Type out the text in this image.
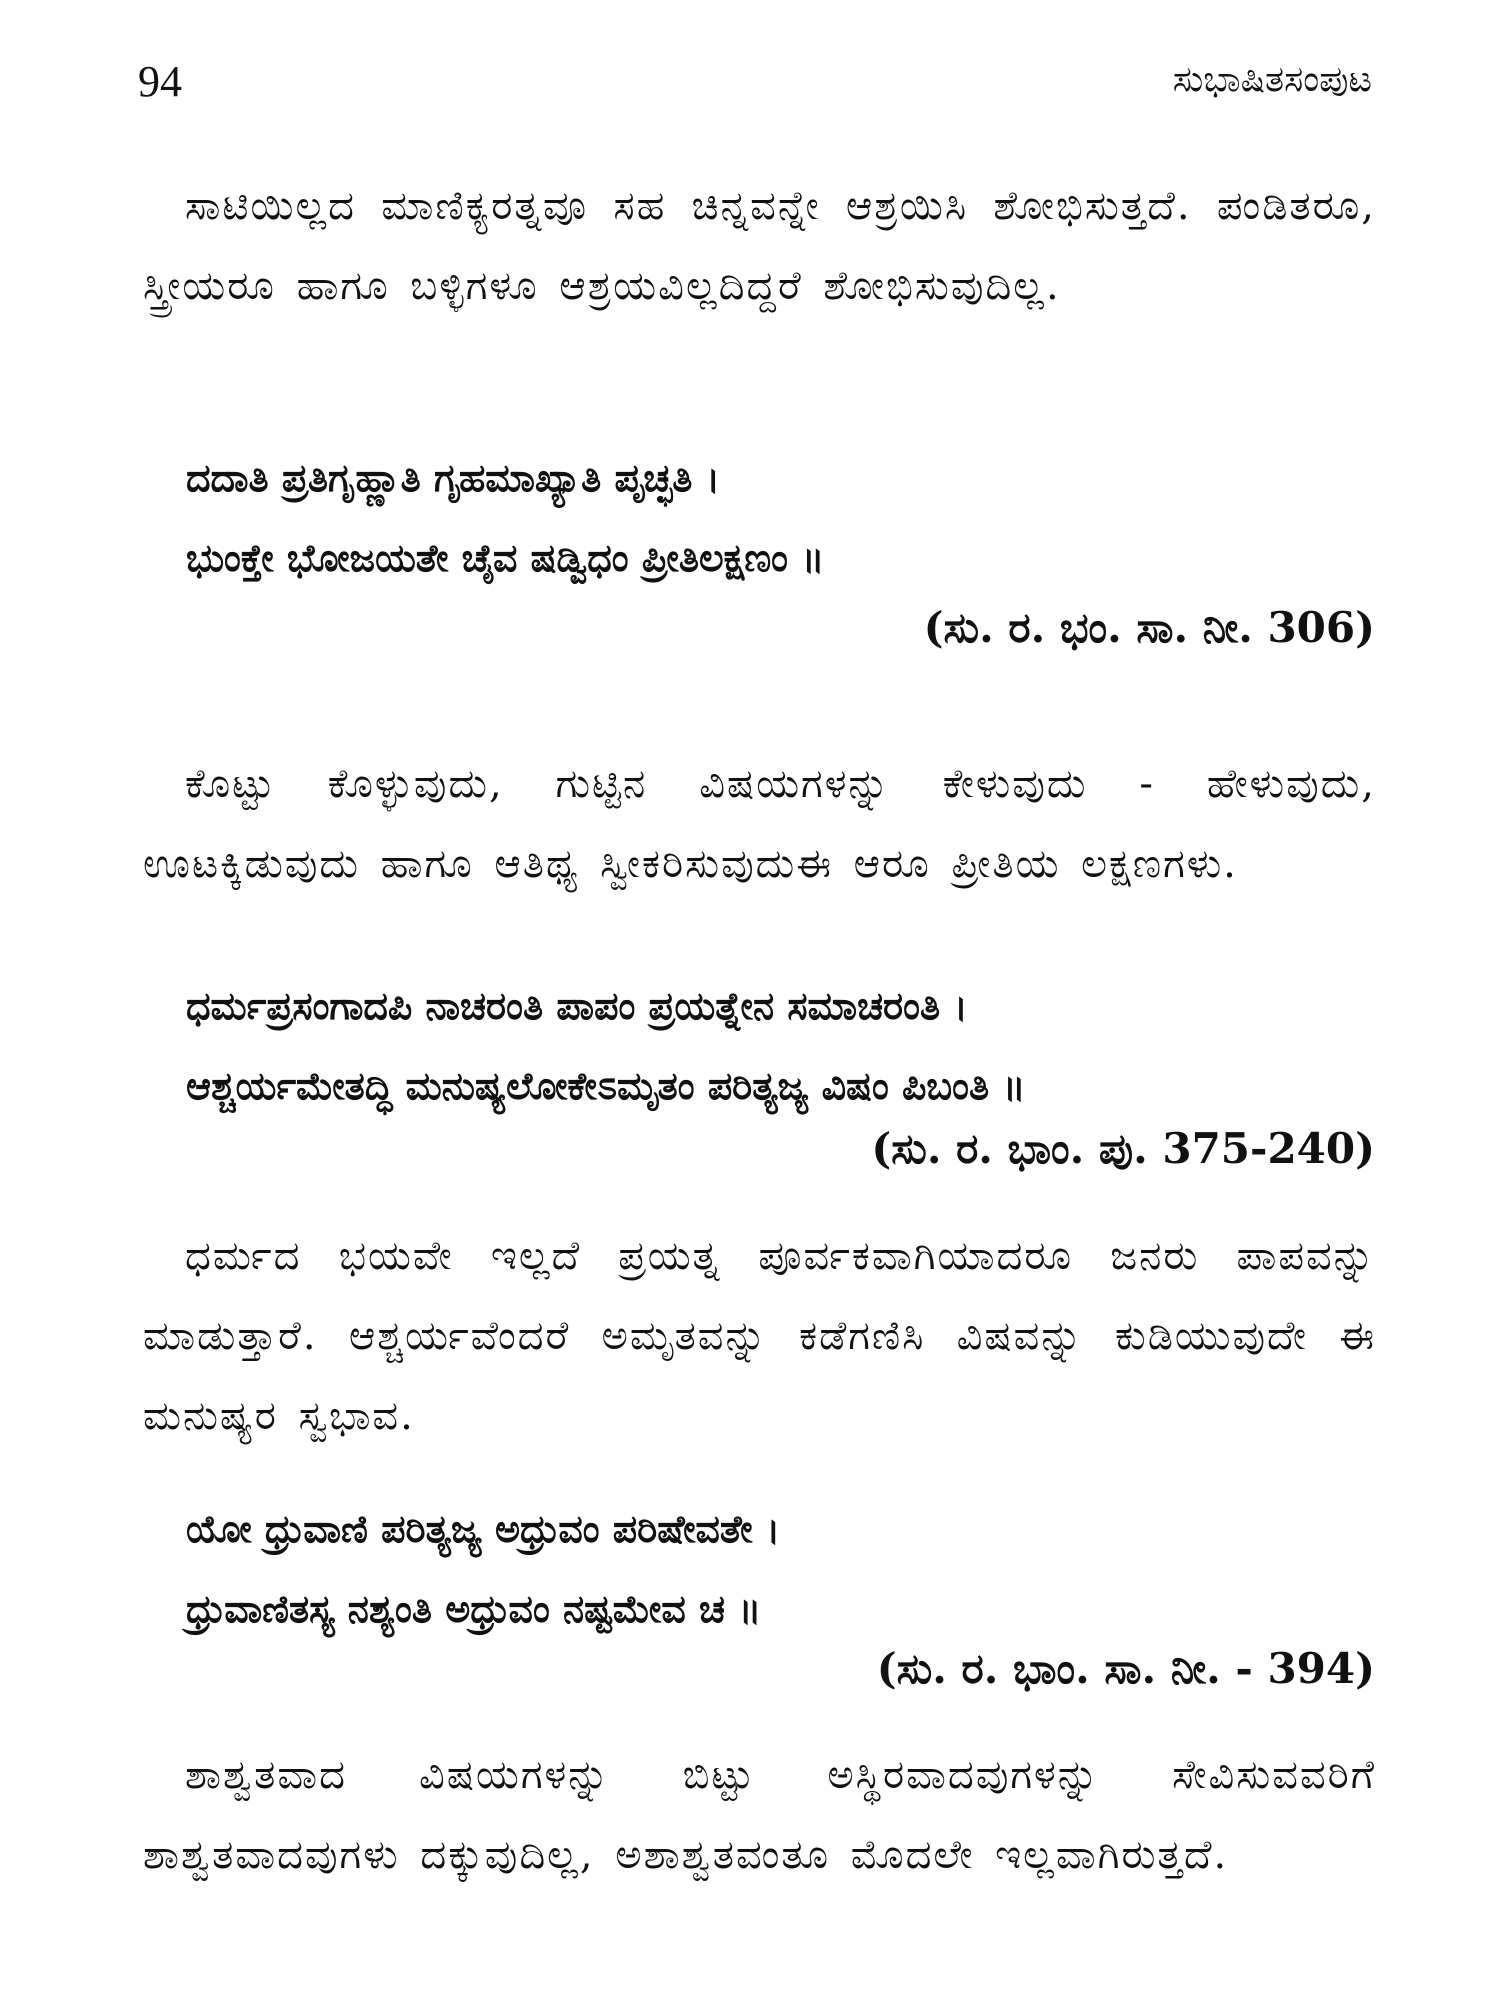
94	ಸುಭಾಷಿತಸಂಪುಟ

ಸಾಟಿಯಿಲ್ಲದ ಮಾಣಿಕ್ಯರತ್ನವೂ ಸಹ ಚಿನ್ನವನ್ನೇ ಆಶ್ರಯಿಸಿ ಶೋಭಿಸುತ್ತದೆ. ಪಂಡಿತರೂ, ಸ್ತ್ರೀಯರೂ ಹಾಗೂ ಬಳ್ಳಿಗಳೂ ಆಶ್ರಯವಿಲ್ಲದಿದ್ದರೆ ಶೋಭಿಸುವುದಿಲ್ಲ.

ದದಾತಿ ಪ್ರತಿಗೃಹ್ಣಾತಿ ಗೃಹಮಾಖ್ಯಾತಿ ಪೃಚ್ಛತಿ ।
ಭುಂಕ್ತೇ ಭೋಜಯತೇ ಚೈವ ಷಡ್ವಿಧಂ ಪ್ರೀತಿಲಕ್ಷಣಂ ॥

(ಸು. ರ. ಭಂ. ಸಾ. ನೀ. 306)

ಕೊಟ್ಟು ಕೊಳ್ಳುವುದು, ಗುಟ್ಟಿನ ವಿಷಯಗಳನ್ನು ಕೇಳುವುದು - ಹೇಳುವುದು, ಊಟಕ್ಕಿಡುವುದು ಹಾಗೂ ಆತಿಥ್ಯ ಸ್ವೀಕರಿಸುವುದುಈ ಆರೂ ಪ್ರೀತಿಯ ಲಕ್ಷಣಗಳು.

ಧರ್ಮಪ್ರಸಂಗಾದಪಿ ನಾಚರಂತಿ ಪಾಪಂ ಪ್ರಯತ್ನೇನ ಸಮಾಚರಂತಿ ।
ಆಶ್ಚರ್ಯಮೇತದ್ಧಿ ಮನುಷ್ಯಲೋಕೇಽಮೃತಂ ಪರಿತ್ಯಜ್ಯ ವಿಷಂ ಪಿಬಂತಿ ॥

(ಸು. ರ. ಭಾಂ. ಪು. 375-240)

ಧರ್ಮದ ಭಯವೇ ಇಲ್ಲದೆ ಪ್ರಯತ್ನ ಪೂರ್ವಕವಾಗಿಯಾದರೂ ಜನರು ಪಾಪವನ್ನು ಮಾಡುತ್ತಾರೆ. ಆಶ್ಚರ್ಯವೆಂದರೆ ಅಮೃತವನ್ನು ಕಡೆಗಣಿಸಿ ವಿಷವನ್ನು ಕುಡಿಯುವುದೇ ಈ ಮನುಷ್ಯರ ಸ್ವಭಾವ.

ಯೋ ಧ್ರುವಾಣಿ ಪರಿತ್ಯಜ್ಯ ಅಧ್ರುವಂ ಪರಿಷೇವತೇ ।
ಧ್ರುವಾಣಿತಸ್ಯ ನಶ್ಯಂತಿ ಅಧ್ರುವಂ ನಷ್ಟಮೇವ ಚ ॥

(ಸು. ರ. ಭಾಂ. ಸಾ. ನೀ. - 394)

ಶಾಶ್ವತವಾದ ವಿಷಯಗಳನ್ನು ಬಿಟ್ಟು ಅಸ್ಥಿರವಾದವುಗಳನ್ನು ಸೇವಿಸುವವರಿಗೆ ಶಾಶ್ವತವಾದವುಗಳು ದಕ್ಕುವುದಿಲ್ಲ, ಅಶಾಶ್ವತವಂತೂ ಮೊದಲೇ ಇಲ್ಲವಾಗಿರುತ್ತದೆ.
